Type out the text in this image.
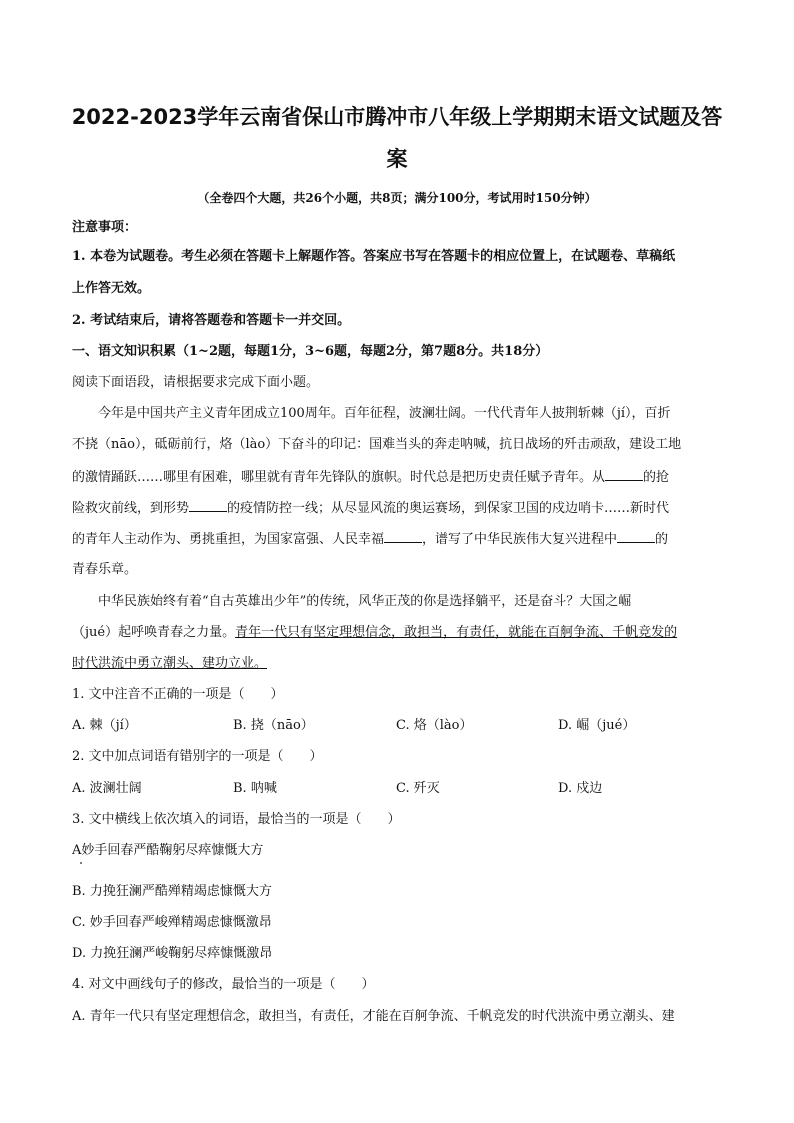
2022-2023学年云南省保山市腾冲市八年级上学期期末语文试题及答
案
（全卷四个大题，共26个小题，共8页；满分100分，考试用时150分钟）
注意事项：
1. 本卷为试题卷。考生必须在答题卡上解题作答。答案应书写在答题卡的相应位置上，在试题卷、草稿纸
上作答无效。
2. 考试结束后，请将答题卷和答题卡一并交回。
一、语文知识积累（1~2题，每题1分，3~6题，每题2分，第7题8分。共18分）
阅读下面语段，请根据要求完成下面小题。
今年是中国共产主义青年团成立100周年。百年征程，波澜壮阔。一代代青年人披荆斩棘（jí），百折
不挠（nāo），砥砺前行，烙（lào）下奋斗的印记：国难当头的奔走呐喊，抗日战场的歼击顽敌，建设工地
的激情踊跃……哪里有困难，哪里就有青年先锋队的旗帜。时代总是把历史责任赋予青年。从	的抢
险救灾前线，到形势	的疫情防控一线；从尽显风流的奥运赛场，到保家卫国的戍边哨卡……新时代
的青年人主动作为、勇挑重担，为国家富强、人民幸福	，谱写了中华民族伟大复兴进程中	的
青春乐章。
中华民族始终有着“自古英雄出少年”的传统，风华正茂的你是选择躺平，还是奋斗？大国之崛
（jué）起呼唤青春之力量。青年一代只有坚定理想信念，敢担当，有责任，就能在百舸争流、千帆竞发的
时代洪流中勇立潮头、建功立业。
1. 文中注音不正确的一项是（　　）
A. 棘（jí）	B. 挠（nāo）	C. 烙（lào）	D. 崛（jué）
2. 文中加点词语有错别字的一项是（　　）
A. 波澜壮阔	B. 呐喊	C. 歼灭	D. 戍边
3. 文中横线上依次填入的词语，最恰当的一项是（　　）
A妙手回春严酷鞠躬尽瘁慷慨大方
B. 力挽狂澜严酷殚精竭虑慷慨大方
C. 妙手回春严峻殚精竭虑慷慨激昂
D. 力挽狂澜严峻鞠躬尽瘁慷慨激昂
4. 对文中画线句子的修改，最恰当的一项是（　　）
A. 青年一代只有坚定理想信念，敢担当，有责任，才能在百舸争流、千帆竞发的时代洪流中勇立潮头、建
